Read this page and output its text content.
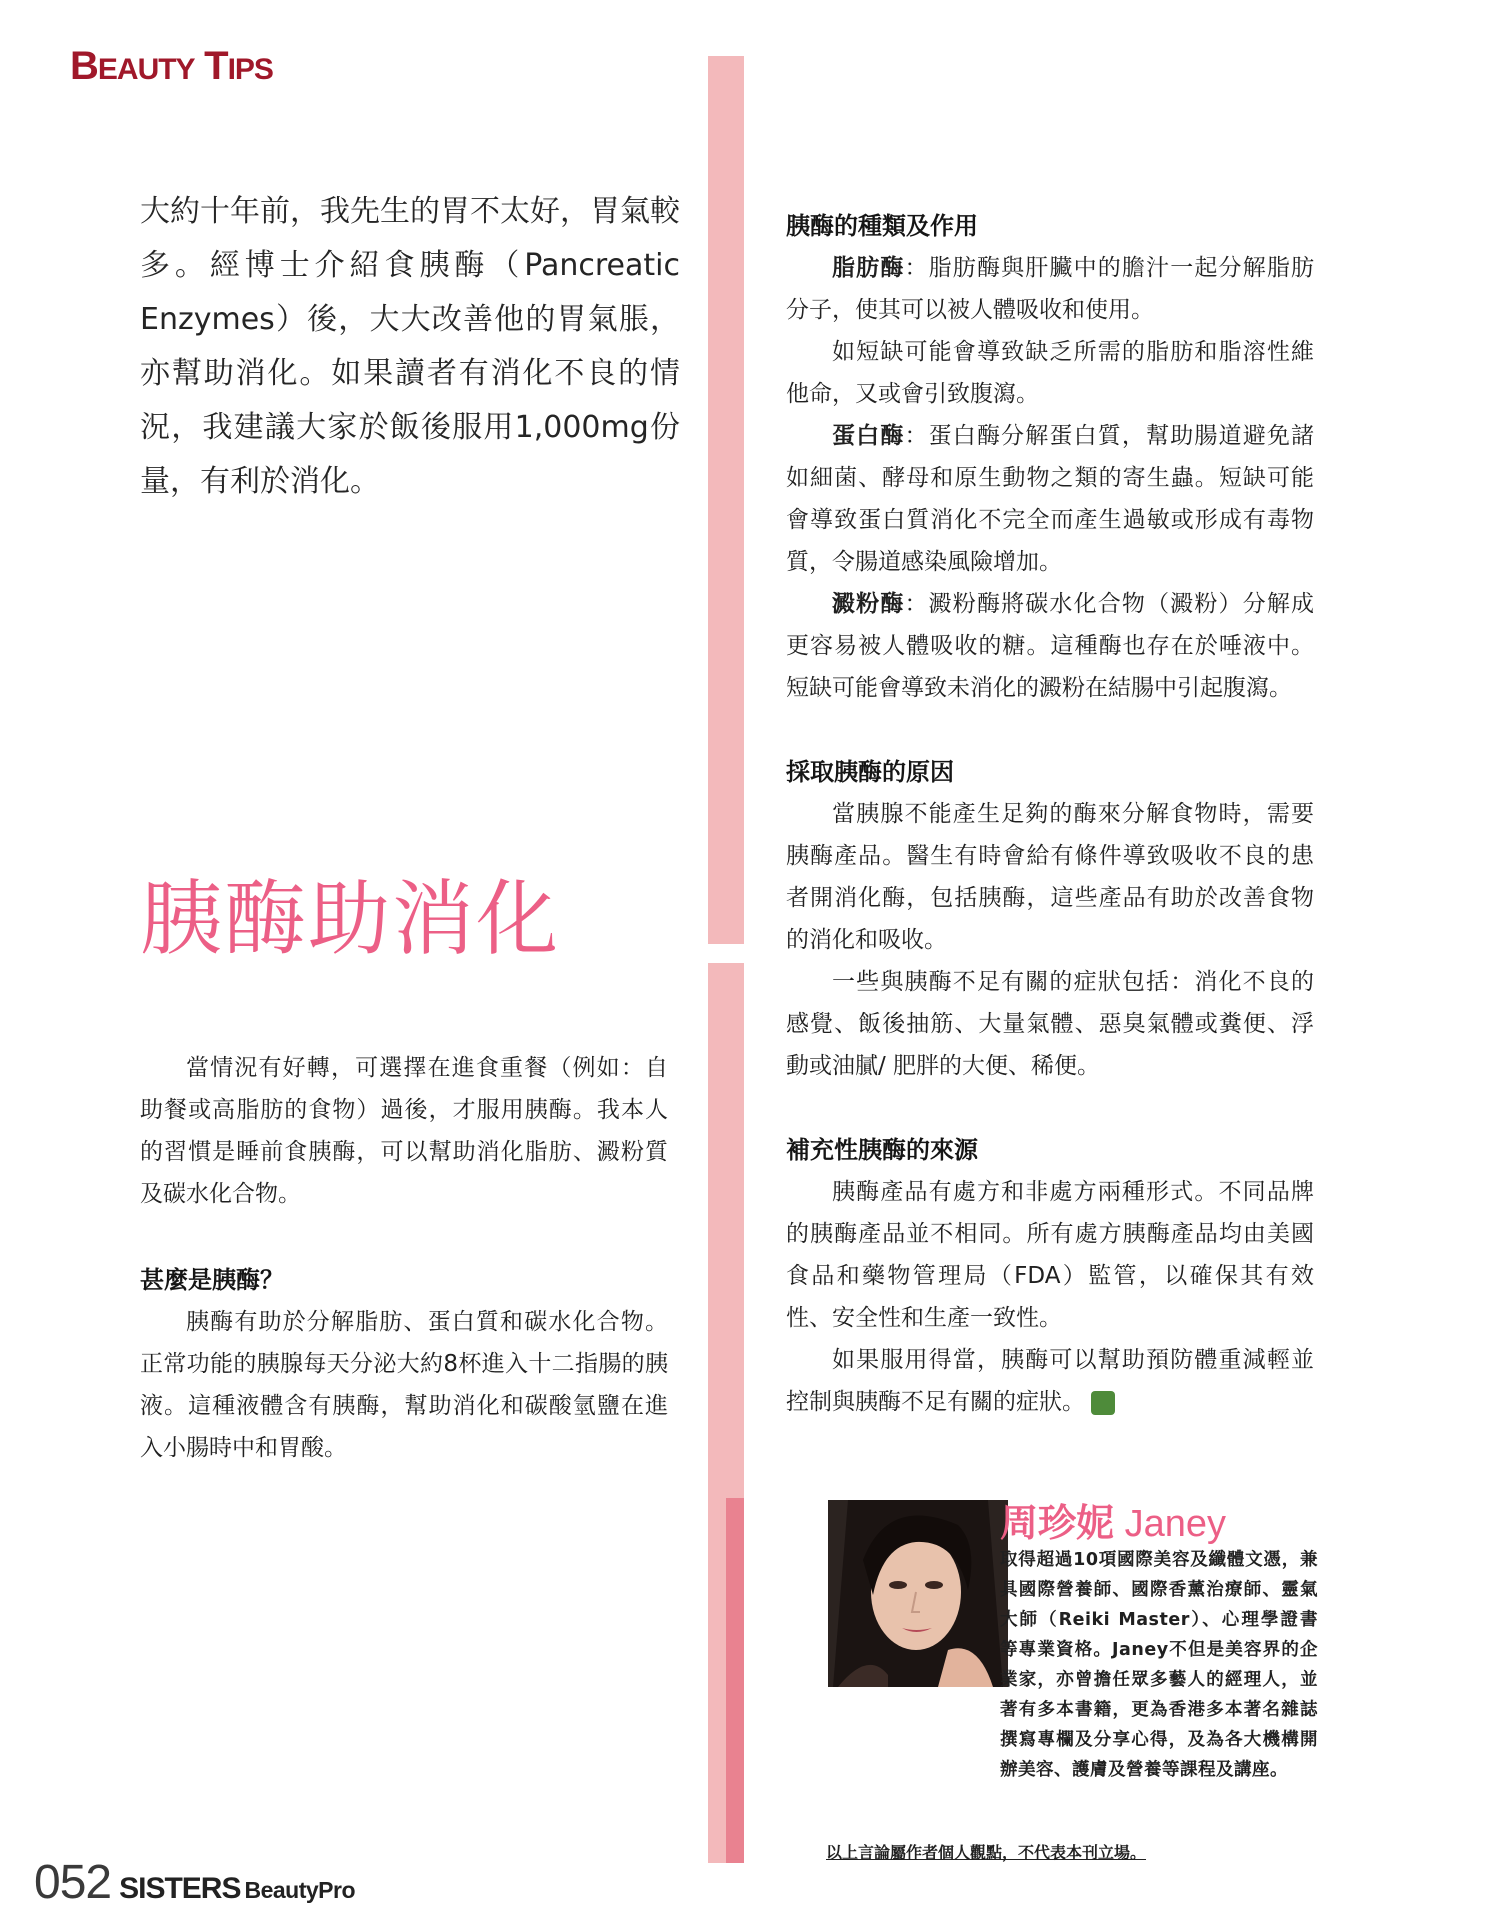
BEAUTY TIPS

大約十年前，我先生的胃不太好，胃氣較多。經博士介紹食胰酶（Pancreatic Enzymes）後，大大改善他的胃氣脹，亦幫助消化。如果讀者有消化不良的情況，我建議大家於飯後服用1,000mg份量，有利於消化。

胰酶助消化

當情況有好轉，可選擇在進食重餐（例如：自助餐或高脂肪的食物）過後，才服用胰酶。我本人的習慣是睡前食胰酶，可以幫助消化脂肪、澱粉質及碳水化合物。

甚麼是胰酶？

胰酶有助於分解脂肪、蛋白質和碳水化合物。正常功能的胰腺每天分泌大約8杯進入十二指腸的胰液。這種液體含有胰酶，幫助消化和碳酸氫鹽在進入小腸時中和胃酸。

胰酶的種類及作用

脂肪酶：脂肪酶與肝臟中的膽汁一起分解脂肪分子，使其可以被人體吸收和使用。

如短缺可能會導致缺乏所需的脂肪和脂溶性維他命，又或會引致腹瀉。

蛋白酶：蛋白酶分解蛋白質，幫助腸道避免諸如細菌、酵母和原生動物之類的寄生蟲。短缺可能會導致蛋白質消化不完全而產生過敏或形成有毒物質，令腸道感染風險增加。

澱粉酶：澱粉酶將碳水化合物（澱粉）分解成更容易被人體吸收的糖。這種酶也存在於唾液中。短缺可能會導致未消化的澱粉在結腸中引起腹瀉。

採取胰酶的原因

當胰腺不能產生足夠的酶來分解食物時，需要胰酶產品。醫生有時會給有條件導致吸收不良的患者開消化酶，包括胰酶，這些產品有助於改善食物的消化和吸收。

一些與胰酶不足有關的症狀包括：消化不良的感覺、飯後抽筋、大量氣體、惡臭氣體或糞便、浮動或油膩/ 肥胖的大便、稀便。

補充性胰酶的來源

胰酶產品有處方和非處方兩種形式。不同品牌的胰酶產品並不相同。所有處方胰酶產品均由美國食品和藥物管理局（FDA）監管，以確保其有效性、安全性和生產一致性。

如果服用得當，胰酶可以幫助預防體重減輕並控制與胰酶不足有關的症狀。	S

周珍妮 Janey
取得超過10項國際美容及纖體文憑，兼具國際營養師、國際香薰治療師、靈氣大師（Reiki Master）、心理學證書等專業資格。Janey不但是美容界的企業家，亦曾擔任眾多藝人的經理人，並著有多本書籍，更為香港多本著名雜誌撰寫專欄及分享心得，及為各大機構開辦美容、護膚及營養等課程及講座。
以上言論屬作者個人觀點，不代表本刊立場。
052 SISTERS BeautyPro
